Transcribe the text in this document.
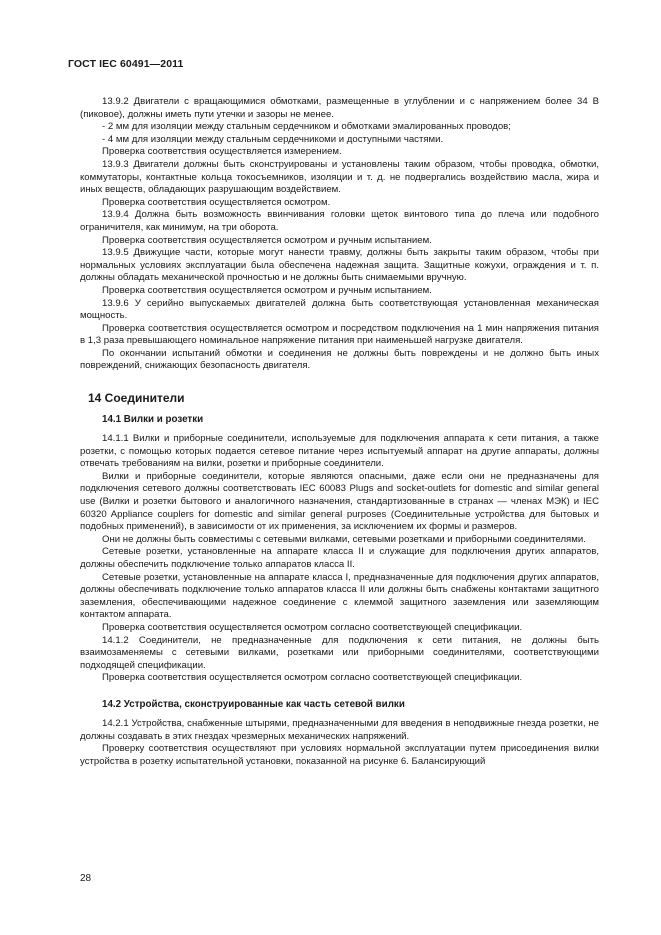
ГОСТ IEC 60491—2011

13.9.2 Двигатели с вращающимися обмотками, размещенные в углублении и с напряжением более 34 В (пиковое), должны иметь пути утечки и зазоры не менее.

- 2 мм для изоляции между стальным сердечником и обмотками эмалированных проводов;

- 4 мм для изоляции между стальным сердечникоми и доступными частями.

Проверка соответствия осуществляется измерением.

13.9.3 Двигатели должны быть сконструированы и установлены таким образом, чтобы проводка, обмотки, коммутаторы, контактные кольца токосъемников, изоляции и т. д. не подвергались воздействию масла, жира и иных веществ, обладающих разрушающим воздействием.

Проверка соответствия осуществляется осмотром.

13.9.4 Должна быть возможность ввинчивания головки щеток винтового типа до плеча или подобного ограничителя, как минимум, на три оборота.

Проверка соответствия осуществляется осмотром и ручным испытанием.

13.9.5 Движущие части, которые могут нанести травму, должны быть закрыты таким образом, чтобы при нормальных условиях эксплуатации была обеспечена надежная защита. Защитные кожухи, ограждения и т. п. должны обладать механической прочностью и не должны быть снимаемыми вручную.

Проверка соответствия осуществляется осмотром и ручным испытанием.

13.9.6 У серийно выпускаемых двигателей должна быть соответствующая установленная механическая мощность.

Проверка соответствия осуществляется осмотром и посредством подключения на 1 мин напряжения питания в 1,3 раза превышающего номинальное напряжение питания при наименьшей нагрузке двигателя.

По окончании испытаний обмотки и соединения не должны быть повреждены и не должно быть иных повреждений, снижающих безопасность двигателя.

14 Соединители
14.1 Вилки и розетки

14.1.1 Вилки и приборные соединители, используемые для подключения аппарата к сети питания, а также розетки, с помощью которых подается сетевое питание через испытуемый аппарат на другие аппараты, должны отвечать требованиям на вилки, розетки и приборные соединители.

Вилки и приборные соединители, которые являются опасными, даже если они не предназначены для подключения сетевого должны соответствовать IEC 60083 Plugs and socket-outlets for domestic and similar general use (Вилки и розетки бытового и аналогичного назначения, стандартизованные в странах — членах МЭК) и IEC 60320 Appliance couplers for domestic and similar general purposes (Соединительные устройства для бытовых и подобных применений), в зависимости от их применения, за исключением их формы и размеров.

Они не должны быть совместимы с сетевыми вилками, сетевыми розетками и приборными соединителями.

Сетевые розетки, установленные на аппарате класса II и служащие для подключения других аппаратов, должны обеспечить подключение только аппаратов класса II.

Сетевые розетки, установленные на аппарате класса I, предназначенные для подключения других аппаратов, должны обеспечивать подключение только аппаратов класса II или должны быть снабжены контактами защитного заземления, обеспечивающими надежное соединение с клеммой защитного заземления или заземляющим контактом аппарата.

Проверка соответствия осуществляется осмотром согласно соответствующей спецификации.

14.1.2 Соединители, не предназначенные для подключения к сети питания, не должны быть взаимозаменяемы с сетевыми вилками, розетками или приборными соединителями, соответствующими подходящей спецификации.

Проверка соответствия осуществляется осмотром согласно соответствующей спецификации.

14.2 Устройства, сконструированные как часть сетевой вилки

14.2.1 Устройства, снабженные штырями, предназначенными для введения в неподвижные гнезда розетки, не должны создавать в этих гнездах чрезмерных механических напряжений.

Проверку соответствия осуществляют при условиях нормальной эксплуатации путем присоединения вилки устройства в розетку испытательной установки, показанной на рисунке 6. Балансирующий

28
